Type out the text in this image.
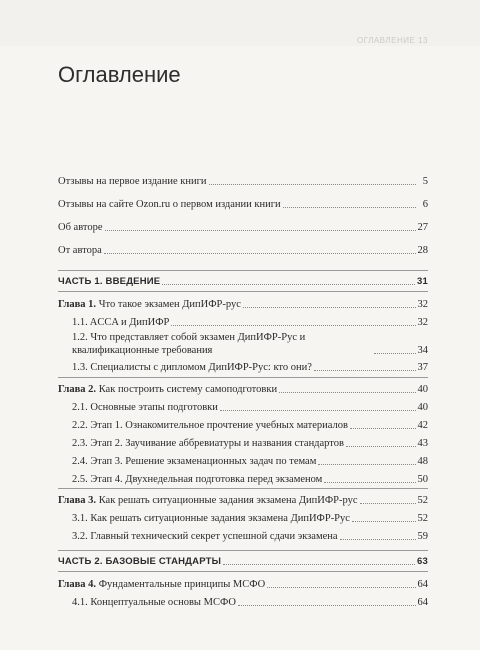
ОГЛАВЛЕНИЕ 13
Оглавление
Отзывы на первое издание книги	5
Отзывы на сайте Ozon.ru о первом издании книги	6
Об авторе	27
От автора	28
ЧАСТЬ 1. ВВЕДЕНИЕ	31
Глава 1. Что такое экзамен ДипИФР-рус	32
1.1. ACCA и ДипИФР	32
1.2. Что представляет собой экзамен ДипИФР-Рус и квалификационные требования	34
1.3. Специалисты с дипломом ДипИФР-Рус: кто они?	37
Глава 2. Как построить систему самоподготовки	40
2.1. Основные этапы подготовки	40
2.2. Этап 1. Ознакомительное прочтение учебных материалов	42
2.3. Этап 2. Заучивание аббревиатуры и названия стандартов	43
2.4. Этап 3. Решение экзаменационных задач по темам	48
2.5. Этап 4. Двухнедельная подготовка перед экзаменом	50
Глава 3. Как решать ситуационные задания экзамена ДипИФР-рус	52
3.1. Как решать ситуационные задания экзамена ДипИФР-Рус	52
3.2. Главный технический секрет успешной сдачи экзамена	59
ЧАСТЬ 2. БАЗОВЫЕ СТАНДАРТЫ	63
Глава 4. Фундаментальные принципы МСФО	64
4.1. Концептуальные основы МСФО	64
